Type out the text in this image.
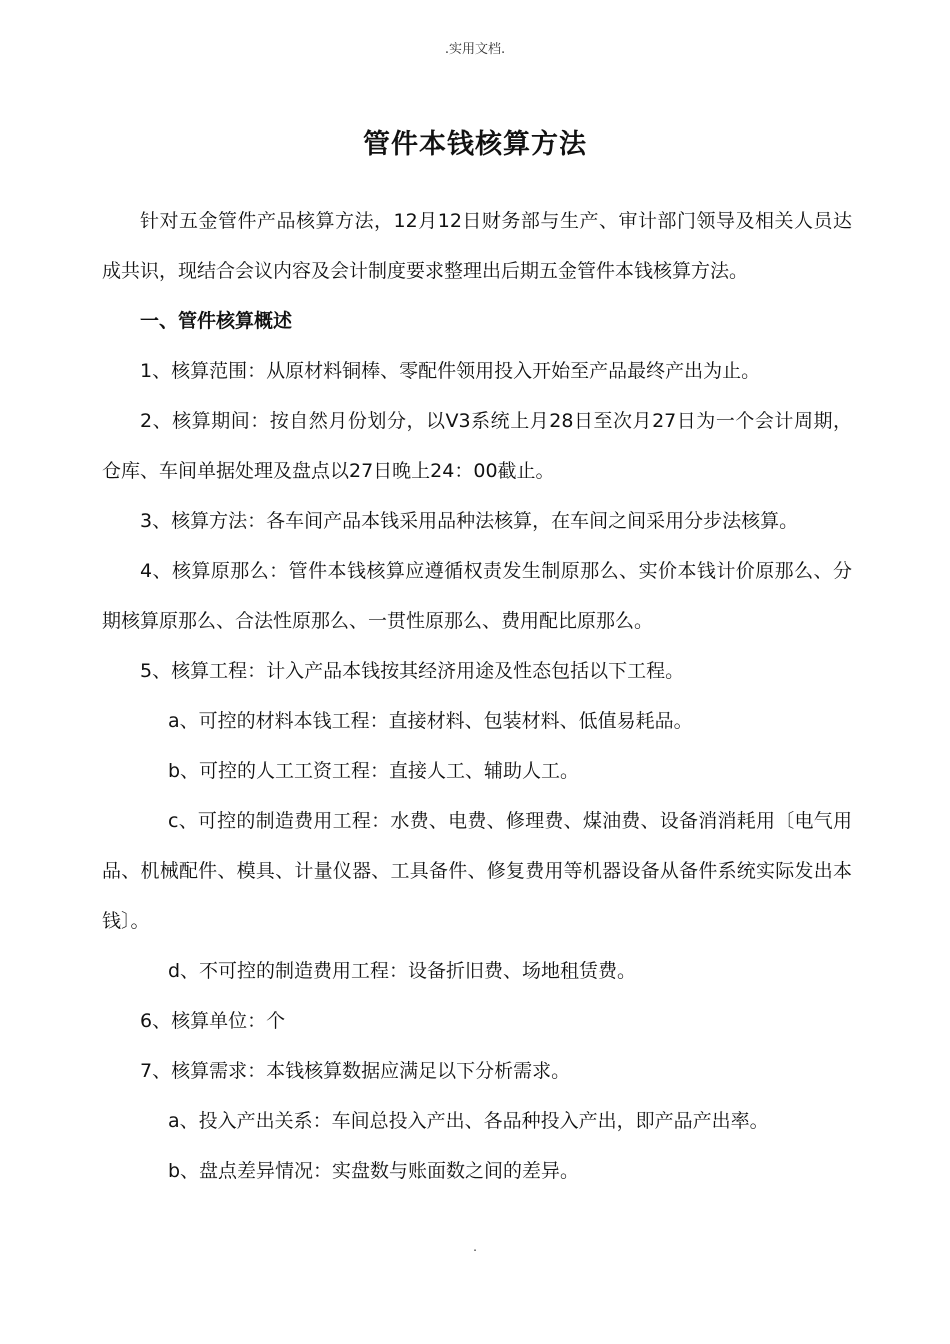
.实用文档.
管件本钱核算方法

针对五金管件产品核算方法，12月12日财务部与生产、审计部门领导及相关人员达成共识，现结合会议内容及会计制度要求整理出后期五金管件本钱核算方法。

一、管件核算概述

1、核算范围：从原材料铜棒、零配件领用投入开始至产品最终产出为止。

2、核算期间：按自然月份划分，以V3系统上月28日至次月27日为一个会计周期，仓库、车间单据处理及盘点以27日晚上24：00截止。

3、核算方法：各车间产品本钱采用品种法核算，在车间之间采用分步法核算。

4、核算原那么：管件本钱核算应遵循权责发生制原那么、实价本钱计价原那么、分期核算原那么、合法性原那么、一贯性原那么、费用配比原那么。

5、核算工程：计入产品本钱按其经济用途及性态包括以下工程。

a、可控的材料本钱工程：直接材料、包装材料、低值易耗品。

b、可控的人工工资工程：直接人工、辅助人工。

c、可控的制造费用工程：水费、电费、修理费、煤油费、设备消消耗用〔电气用品、机械配件、模具、计量仪器、工具备件、修复费用等机器设备从备件系统实际发出本钱〕。

d、不可控的制造费用工程：设备折旧费、场地租赁费。

6、核算单位：个

7、核算需求：本钱核算数据应满足以下分析需求。

a、投入产出关系：车间总投入产出、各品种投入产出，即产品产出率。

b、盘点差异情况：实盘数与账面数之间的差异。

.
